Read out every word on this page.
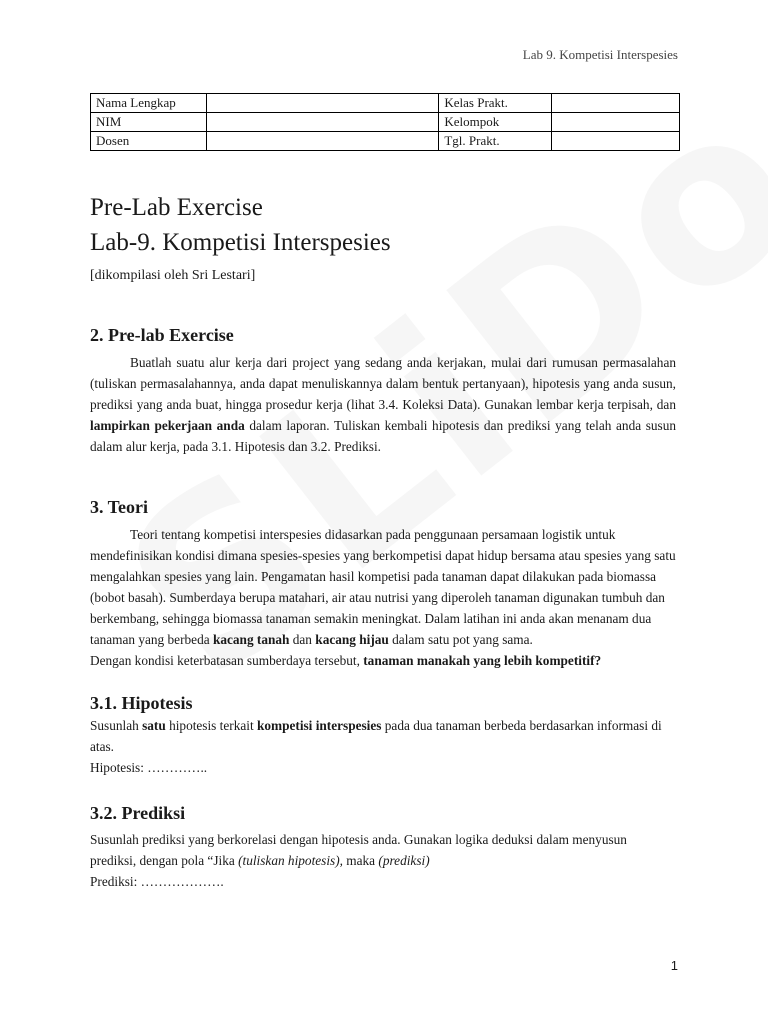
Lab 9. Kompetisi Interspesies
Nama Lengkap		Kelas Prakt.	
NIM		Kelompok	
Dosen		Tgl. Prakt.	
Pre-Lab Exercise
Lab-9. Kompetisi Interspesies

[dikompilasi oleh Sri Lestari]

2. Pre-lab Exercise

Buatlah suatu alur kerja dari project yang sedang anda kerjakan, mulai dari rumusan permasalahan (tuliskan permasalahannya, anda dapat menuliskannya dalam bentuk pertanyaan), hipotesis yang anda susun, prediksi yang anda buat, hingga prosedur kerja (lihat 3.4. Koleksi Data). Gunakan lembar kerja terpisah, dan lampirkan pekerjaan anda dalam laporan. Tuliskan kembali hipotesis dan prediksi yang telah anda susun dalam alur kerja, pada 3.1. Hipotesis dan 3.2. Prediksi.

3. Teori

Teori tentang kompetisi interspesies didasarkan pada penggunaan persamaan logistik untuk mendefinisikan kondisi dimana spesies-spesies yang berkompetisi dapat hidup bersama atau spesies yang satu mengalahkan spesies yang lain. Pengamatan hasil kompetisi pada tanaman dapat dilakukan pada biomassa (bobot basah). Sumberdaya berupa matahari, air atau nutrisi yang diperoleh tanaman digunakan tumbuh dan berkembang, sehingga biomassa tanaman semakin meningkat. Dalam latihan ini anda akan menanam dua tanaman yang berbeda kacang tanah dan kacang hijau dalam satu pot yang sama.

Dengan kondisi keterbatasan sumberdaya tersebut, tanaman manakah yang lebih kompetitif?

3.1. Hipotesis

Susunlah satu hipotesis terkait kompetisi interspesies pada dua tanaman berbeda berdasarkan informasi di atas.

Hipotesis: …………..

3.2. Prediksi

Susunlah prediksi yang berkorelasi dengan hipotesis anda. Gunakan logika deduksi dalam menyusun prediksi, dengan pola “Jika (tuliskan hipotesis), maka (prediksi)

Prediksi: ……………….

1
